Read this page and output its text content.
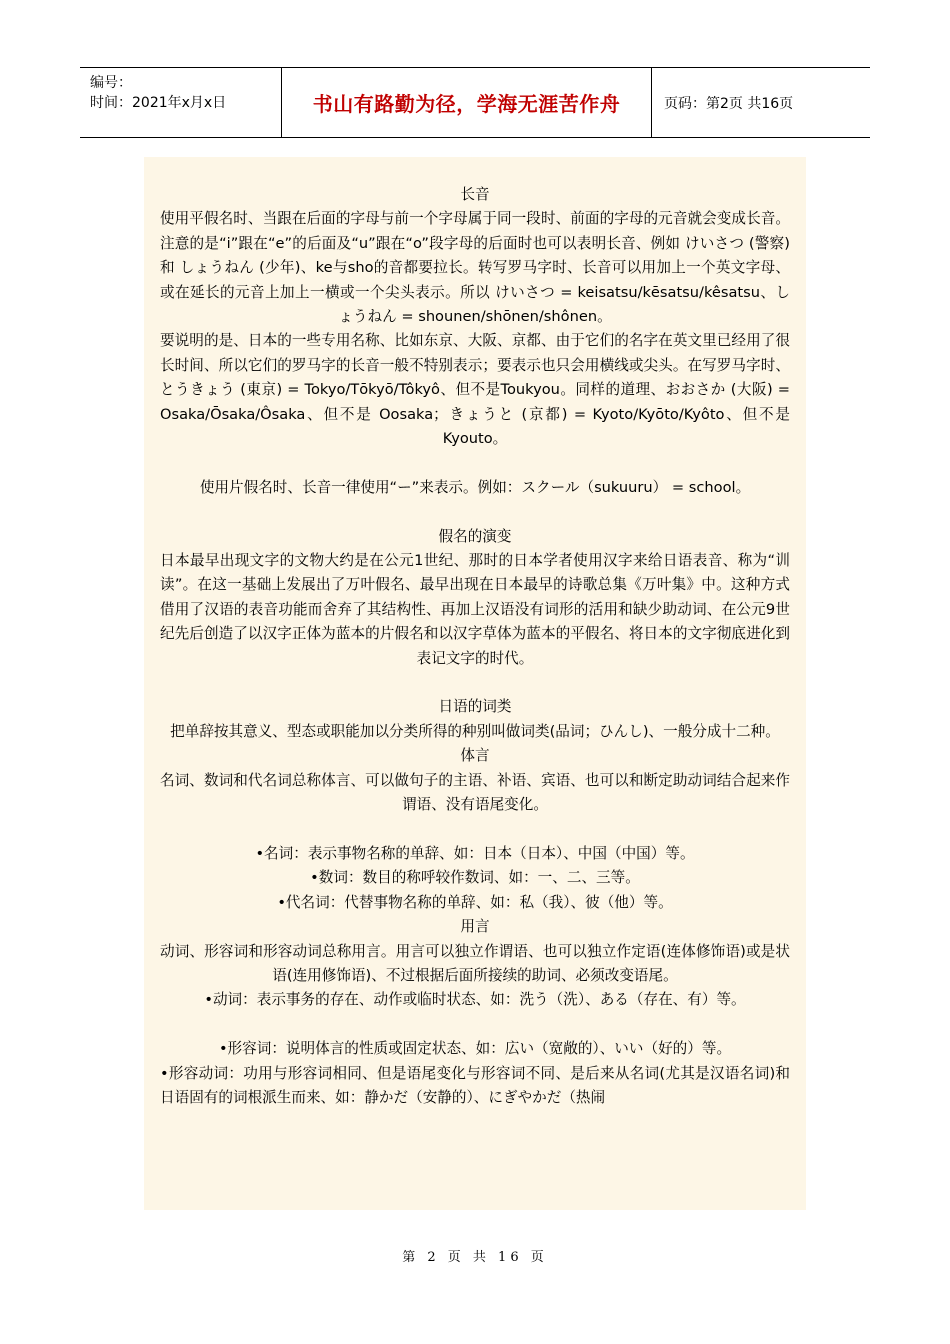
编号：
时间：2021年x月x日	书山有路勤为径，学海无涯苦作舟	页码：第2页 共16页

长音

使用平假名时、当跟在后面的字母与前一个字母属于同一段时、前面的字母的元音就会变成长音。注意的是“i”跟在“e”的后面及“u”跟在“o”段字母的后面时也可以表明长音、例如 けいさつ (警察) 和 しょうねん (少年)、ke与sho的音都要拉长。转写罗马字时、长音可以用加上一个英文字母、或在延长的元音上加上一横或一个尖头表示。所以 けいさつ = keisatsu/kēsatsu/kêsatsu、しょうねん = shounen/shōnen/shônen。

要说明的是、日本的一些专用名称、比如东京、大阪、京都、由于它们的名字在英文里已经用了很长时间、所以它们的罗马字的长音一般不特别表示；要表示也只会用横线或尖头。在写罗马字时、とうきょう (東京) = Tokyo/Tōkyō/Tôkyô、但不是Toukyou。同样的道理、おおさか (大阪) = Osaka/Ōsaka/Ôsaka、但不是 Oosaka；きょうと (京都) = Kyoto/Kyōto/Kyôto、但不是 Kyouto。

使用片假名时、长音一律使用“ー”来表示。例如：スクール（sukuuru） = school。

假名的演变

日本最早出现文字的文物大约是在公元1世纪、那时的日本学者使用汉字来给日语表音、称为“训读”。在这一基础上发展出了万叶假名、最早出现在日本最早的诗歌总集《万叶集》中。这种方式借用了汉语的表音功能而舍弃了其结构性、再加上汉语没有词形的活用和缺少助动词、在公元9世纪先后创造了以汉字正体为蓝本的片假名和以汉字草体为蓝本的平假名、将日本的文字彻底进化到表记文字的时代。

日语的词类

把单辞按其意义、型态或职能加以分类所得的种别叫做词类(品词；ひんし)、一般分成十二种。

体言

名词、数词和代名词总称体言、可以做句子的主语、补语、宾语、也可以和断定助动词结合起来作谓语、没有语尾变化。

•名词：表示事物名称的单辞、如：日本（日本）、中国（中国）等。

•数词：数目的称呼较作数词、如：一、二、三等。

•代名词：代替事物名称的单辞、如：私（我）、彼（他）等。

用言

动词、形容词和形容动词总称用言。用言可以独立作谓语、也可以独立作定语(连体修饰语)或是状语(连用修饰语)、不过根据后面所接续的助词、必须改变语尾。

•动词：表示事务的存在、动作或临时状态、如：洗う（洗）、ある（存在、有）等。

•形容词：说明体言的性质或固定状态、如：広い（宽敞的）、いい（好的）等。

•形容动词：功用与形容词相同、但是语尾变化与形容词不同、是后来从名词(尤其是汉语名词)和日语固有的词根派生而来、如：静かだ（安静的）、にぎやかだ（热闹

第 2 页 共 16 页
